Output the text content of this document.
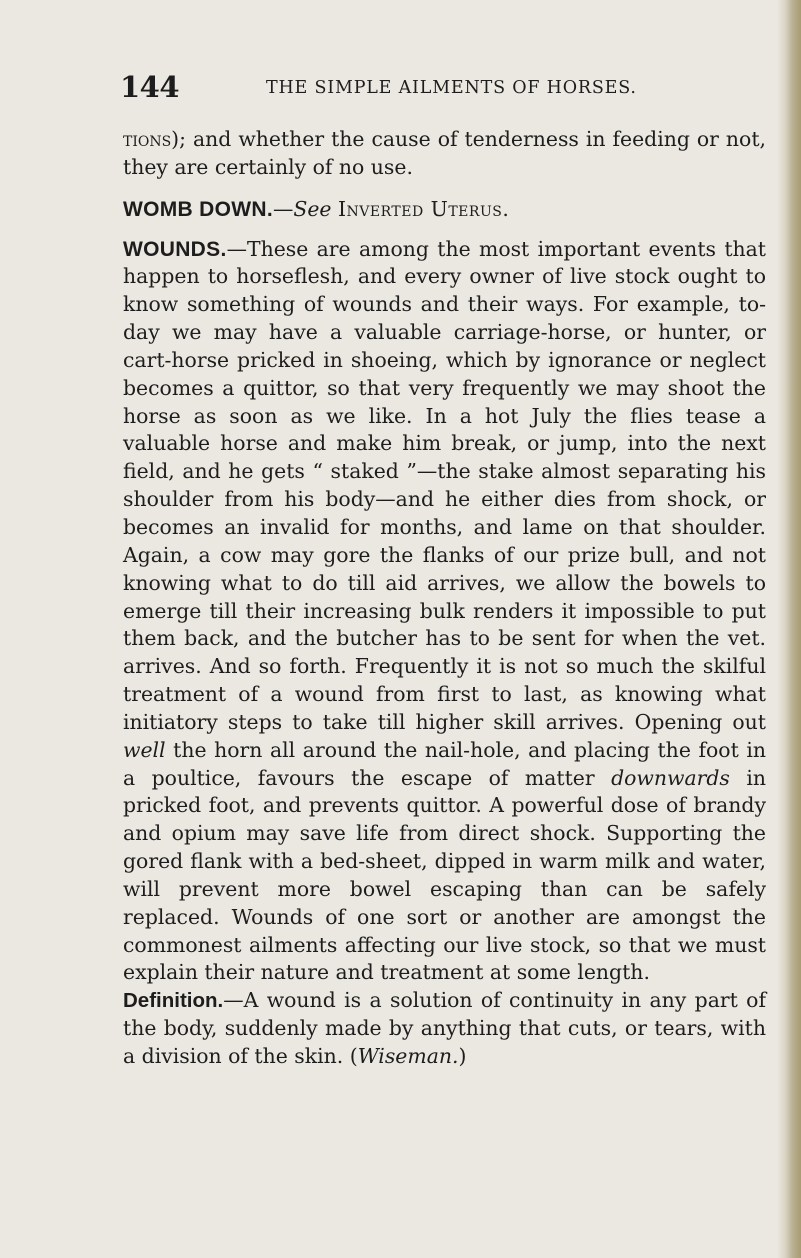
144	THE SIMPLE AILMENTS OF HORSES.

tions); and whether the cause of tenderness in feeding or not, they are certainly of no use.

WOMB DOWN.—See Inverted Uterus.

WOUNDS.—These are among the most important events that happen to horseflesh, and every owner of live stock ought to know something of wounds and their ways. For example, to-day we may have a valuable carriage-horse, or hunter, or cart-horse pricked in shoeing, which by ignorance or neglect becomes a quittor, so that very frequently we may shoot the horse as soon as we like. In a hot July the flies tease a valuable horse and make him break, or jump, into the next field, and he gets “ staked ”—the stake almost separating his shoulder from his body—and he either dies from shock, or becomes an invalid for months, and lame on that shoulder. Again, a cow may gore the flanks of our prize bull, and not knowing what to do till aid arrives, we allow the bowels to emerge till their increasing bulk renders it impossible to put them back, and the butcher has to be sent for when the vet. arrives. And so forth. Frequently it is not so much the skilful treatment of a wound from first to last, as knowing what initiatory steps to take till higher skill arrives. Opening out well the horn all around the nail-hole, and placing the foot in a poultice, favours the escape of matter downwards in pricked foot, and prevents quittor. A powerful dose of brandy and opium may save life from direct shock. Supporting the gored flank with a bed-sheet, dipped in warm milk and water, will prevent more bowel escaping than can be safely replaced. Wounds of one sort or another are amongst the commonest ailments affecting our live stock, so that we must explain their nature and treatment at some length.

Definition.—A wound is a solution of continuity in any part of the body, suddenly made by anything that cuts, or tears, with a division of the skin. (Wiseman.)
